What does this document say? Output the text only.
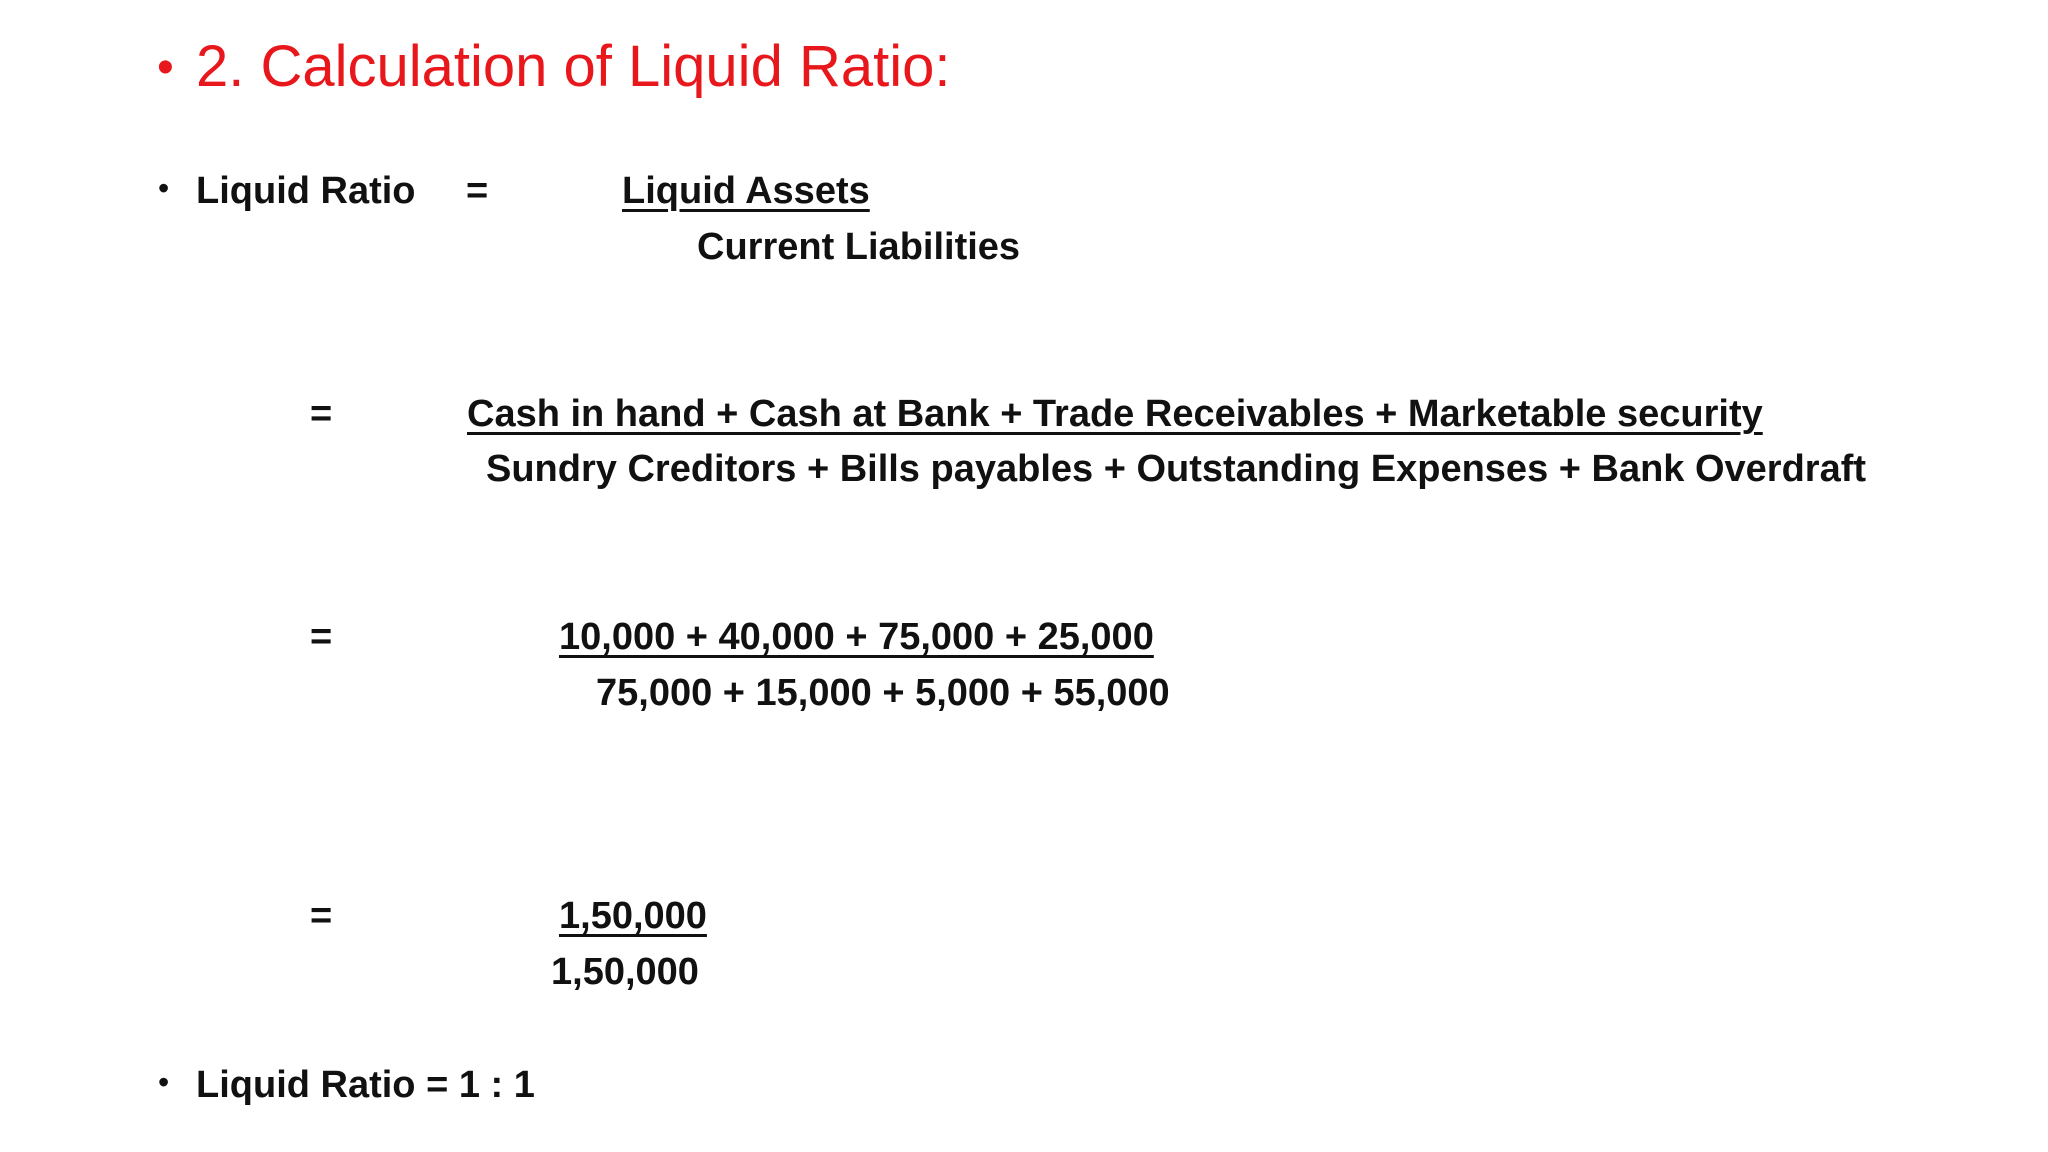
• 2. Calculation of Liquid Ratio:
• Liquid Ratio =	Liquid Assets
Current Liabilities
=	Cash in hand + Cash at Bank + Trade Receivables + Marketable security
Sundry Creditors + Bills payables + Outstanding Expenses + Bank Overdraft
=	10,000 + 40,000 + 75,000 + 25,000
75,000 + 15,000 + 5,000 + 55,000
=	1,50,000
1,50,000
• Liquid Ratio = 1 : 1
